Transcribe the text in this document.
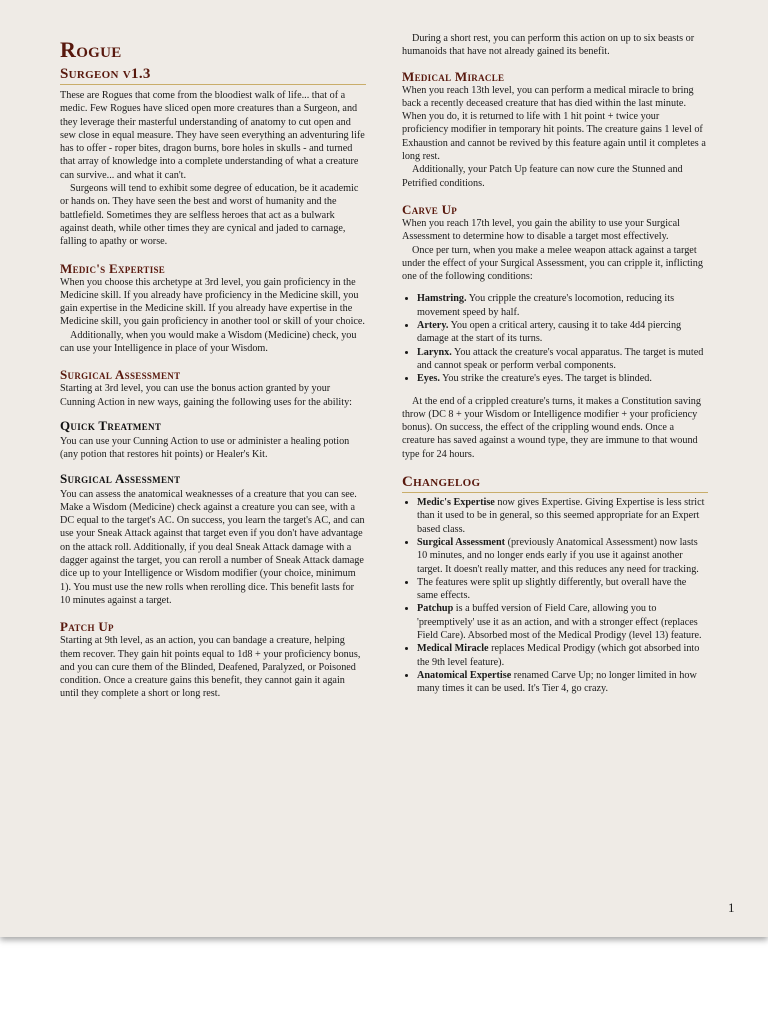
Rogue
Surgeon v1.3

These are Rogues that come from the bloodiest walk of life... that of a medic. Few Rogues have sliced open more creatures than a Surgeon, and they leverage their masterful understanding of anatomy to cut open and sew close in equal measure. They have seen everything an adventuring life has to offer - roper bites, dragon burns, bore holes in skulls - and turned that array of knowledge into a complete understanding of what a creature can survive... and what it can't.

Surgeons will tend to exhibit some degree of education, be it academic or hands on. They have seen the best and worst of humanity and the battlefield. Sometimes they are selfless heroes that act as a bulwark against death, while other times they are cynical and jaded to carnage, falling to apathy or worse.

Medic's Expertise

When you choose this archetype at 3rd level, you gain proficiency in the Medicine skill. If you already have proficiency in the Medicine skill, you gain expertise in the Medicine skill. If you already have expertise in the Medicine skill, you gain proficiency in another tool or skill of your choice.

Additionally, when you would make a Wisdom (Medicine) check, you can use your Intelligence in place of your Wisdom.

Surgical Assessment

Starting at 3rd level, you can use the bonus action granted by your Cunning Action in new ways, gaining the following uses for the ability:

Quick Treatment

You can use your Cunning Action to use or administer a healing potion (any potion that restores hit points) or Healer's Kit.

Surgical Assessment

You can assess the anatomical weaknesses of a creature that you can see. Make a Wisdom (Medicine) check against a creature you can see, with a DC equal to the target's AC. On success, you learn the target's AC, and can use your Sneak Attack against that target even if you don't have advantage on the attack roll. Additionally, if you deal Sneak Attack damage with a dagger against the target, you can reroll a number of Sneak Attack damage dice up to your Intelligence or Wisdom modifier (your choice, minimum 1). You must use the new rolls when rerolling dice. This benefit lasts for 10 minutes against a target.

Patch Up

Starting at 9th level, as an action, you can bandage a creature, helping them recover. They gain hit points equal to 1d8 + your proficiency bonus, and you can cure them of the Blinded, Deafened, Paralyzed, or Poisoned condition. Once a creature gains this benefit, they cannot gain it again until they complete a short or long rest.

During a short rest, you can perform this action on up to six beasts or humanoids that have not already gained its benefit.

Medical Miracle

When you reach 13th level, you can perform a medical miracle to bring back a recently deceased creature that has died within the last minute. When you do, it is returned to life with 1 hit point + twice your proficiency modifier in temporary hit points. The creature gains 1 level of Exhaustion and cannot be revived by this feature again until it completes a long rest.

Additionally, your Patch Up feature can now cure the Stunned and Petrified conditions.

Carve Up

When you reach 17th level, you gain the ability to use your Surgical Assessment to determine how to disable a target most effectively.

Once per turn, when you make a melee weapon attack against a target under the effect of your Surgical Assessment, you can cripple it, inflicting one of the following conditions:

• Hamstring. You cripple the creature's locomotion, reducing its movement speed by half.
• Artery. You open a critical artery, causing it to take 4d4 piercing damage at the start of its turns.
• Larynx. You attack the creature's vocal apparatus. The target is muted and cannot speak or perform verbal components.
• Eyes. You strike the creature's eyes. The target is blinded.

At the end of a crippled creature's turns, it makes a Constitution saving throw (DC 8 + your Wisdom or Intelligence modifier + your proficiency bonus). On success, the effect of the crippling wound ends. Once a creature has saved against a wound type, they are immune to that wound type for 24 hours.

Changelog
• Medic's Expertise now gives Expertise. Giving Expertise is less strict than it used to be in general, so this seemed appropriate for an Expert based class.
• Surgical Assessment (previously Anatomical Assessment) now lasts 10 minutes, and no longer ends early if you use it against another target. It doesn't really matter, and this reduces any need for tracking.
• The features were split up slightly differently, but overall have the same effects.
• Patchup is a buffed version of Field Care, allowing you to 'preemptively' use it as an action, and with a stronger effect (replaces Field Care). Absorbed most of the Medical Prodigy (level 13) feature.
• Medical Miracle replaces Medical Prodigy (which got absorbed into the 9th level feature).
• Anatomical Expertise renamed Carve Up; no longer limited in how many times it can be used. It's Tier 4, go crazy.
1
